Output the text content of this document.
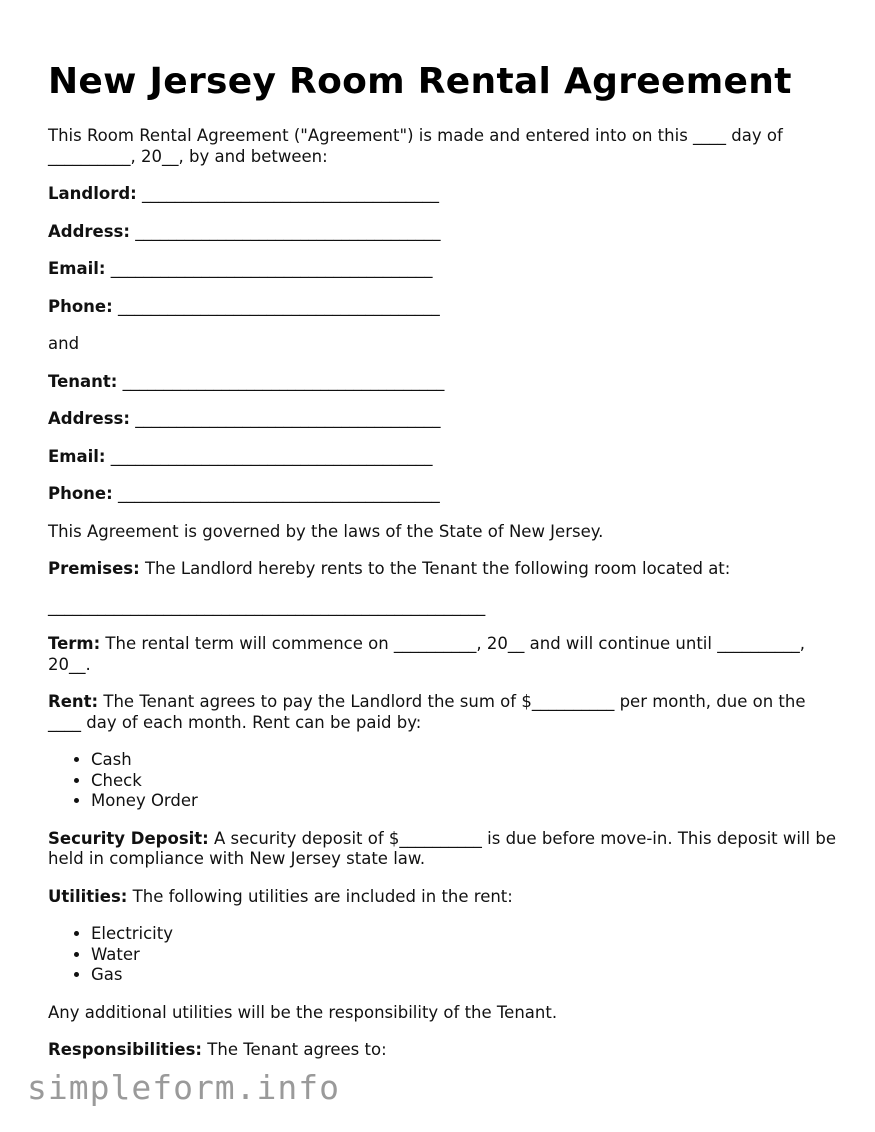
New Jersey Room Rental Agreement

This Room Rental Agreement ("Agreement") is made and entered into on this ____ day of __________, 20__, by and between:

Landlord: ____________________________________

Address: _____________________________________

Email: _______________________________________

Phone: _______________________________________

and

Tenant: _______________________________________

Address: _____________________________________

Email: _______________________________________

Phone: _______________________________________

This Agreement is governed by the laws of the State of New Jersey.

Premises: The Landlord hereby rents to the Tenant the following room located at:

_____________________________________________________

Term: The rental term will commence on __________, 20__ and will continue until __________, 20__.

Rent: The Tenant agrees to pay the Landlord the sum of $__________ per month, due on the ____ day of each month. Rent can be paid by:

• Cash
• Check
• Money Order

Security Deposit: A security deposit of $__________ is due before move-in. This deposit will be held in compliance with New Jersey state law.

Utilities: The following utilities are included in the rent:

• Electricity
• Water
• Gas

Any additional utilities will be the responsibility of the Tenant.

Responsibilities: The Tenant agrees to:

simpleform.info
